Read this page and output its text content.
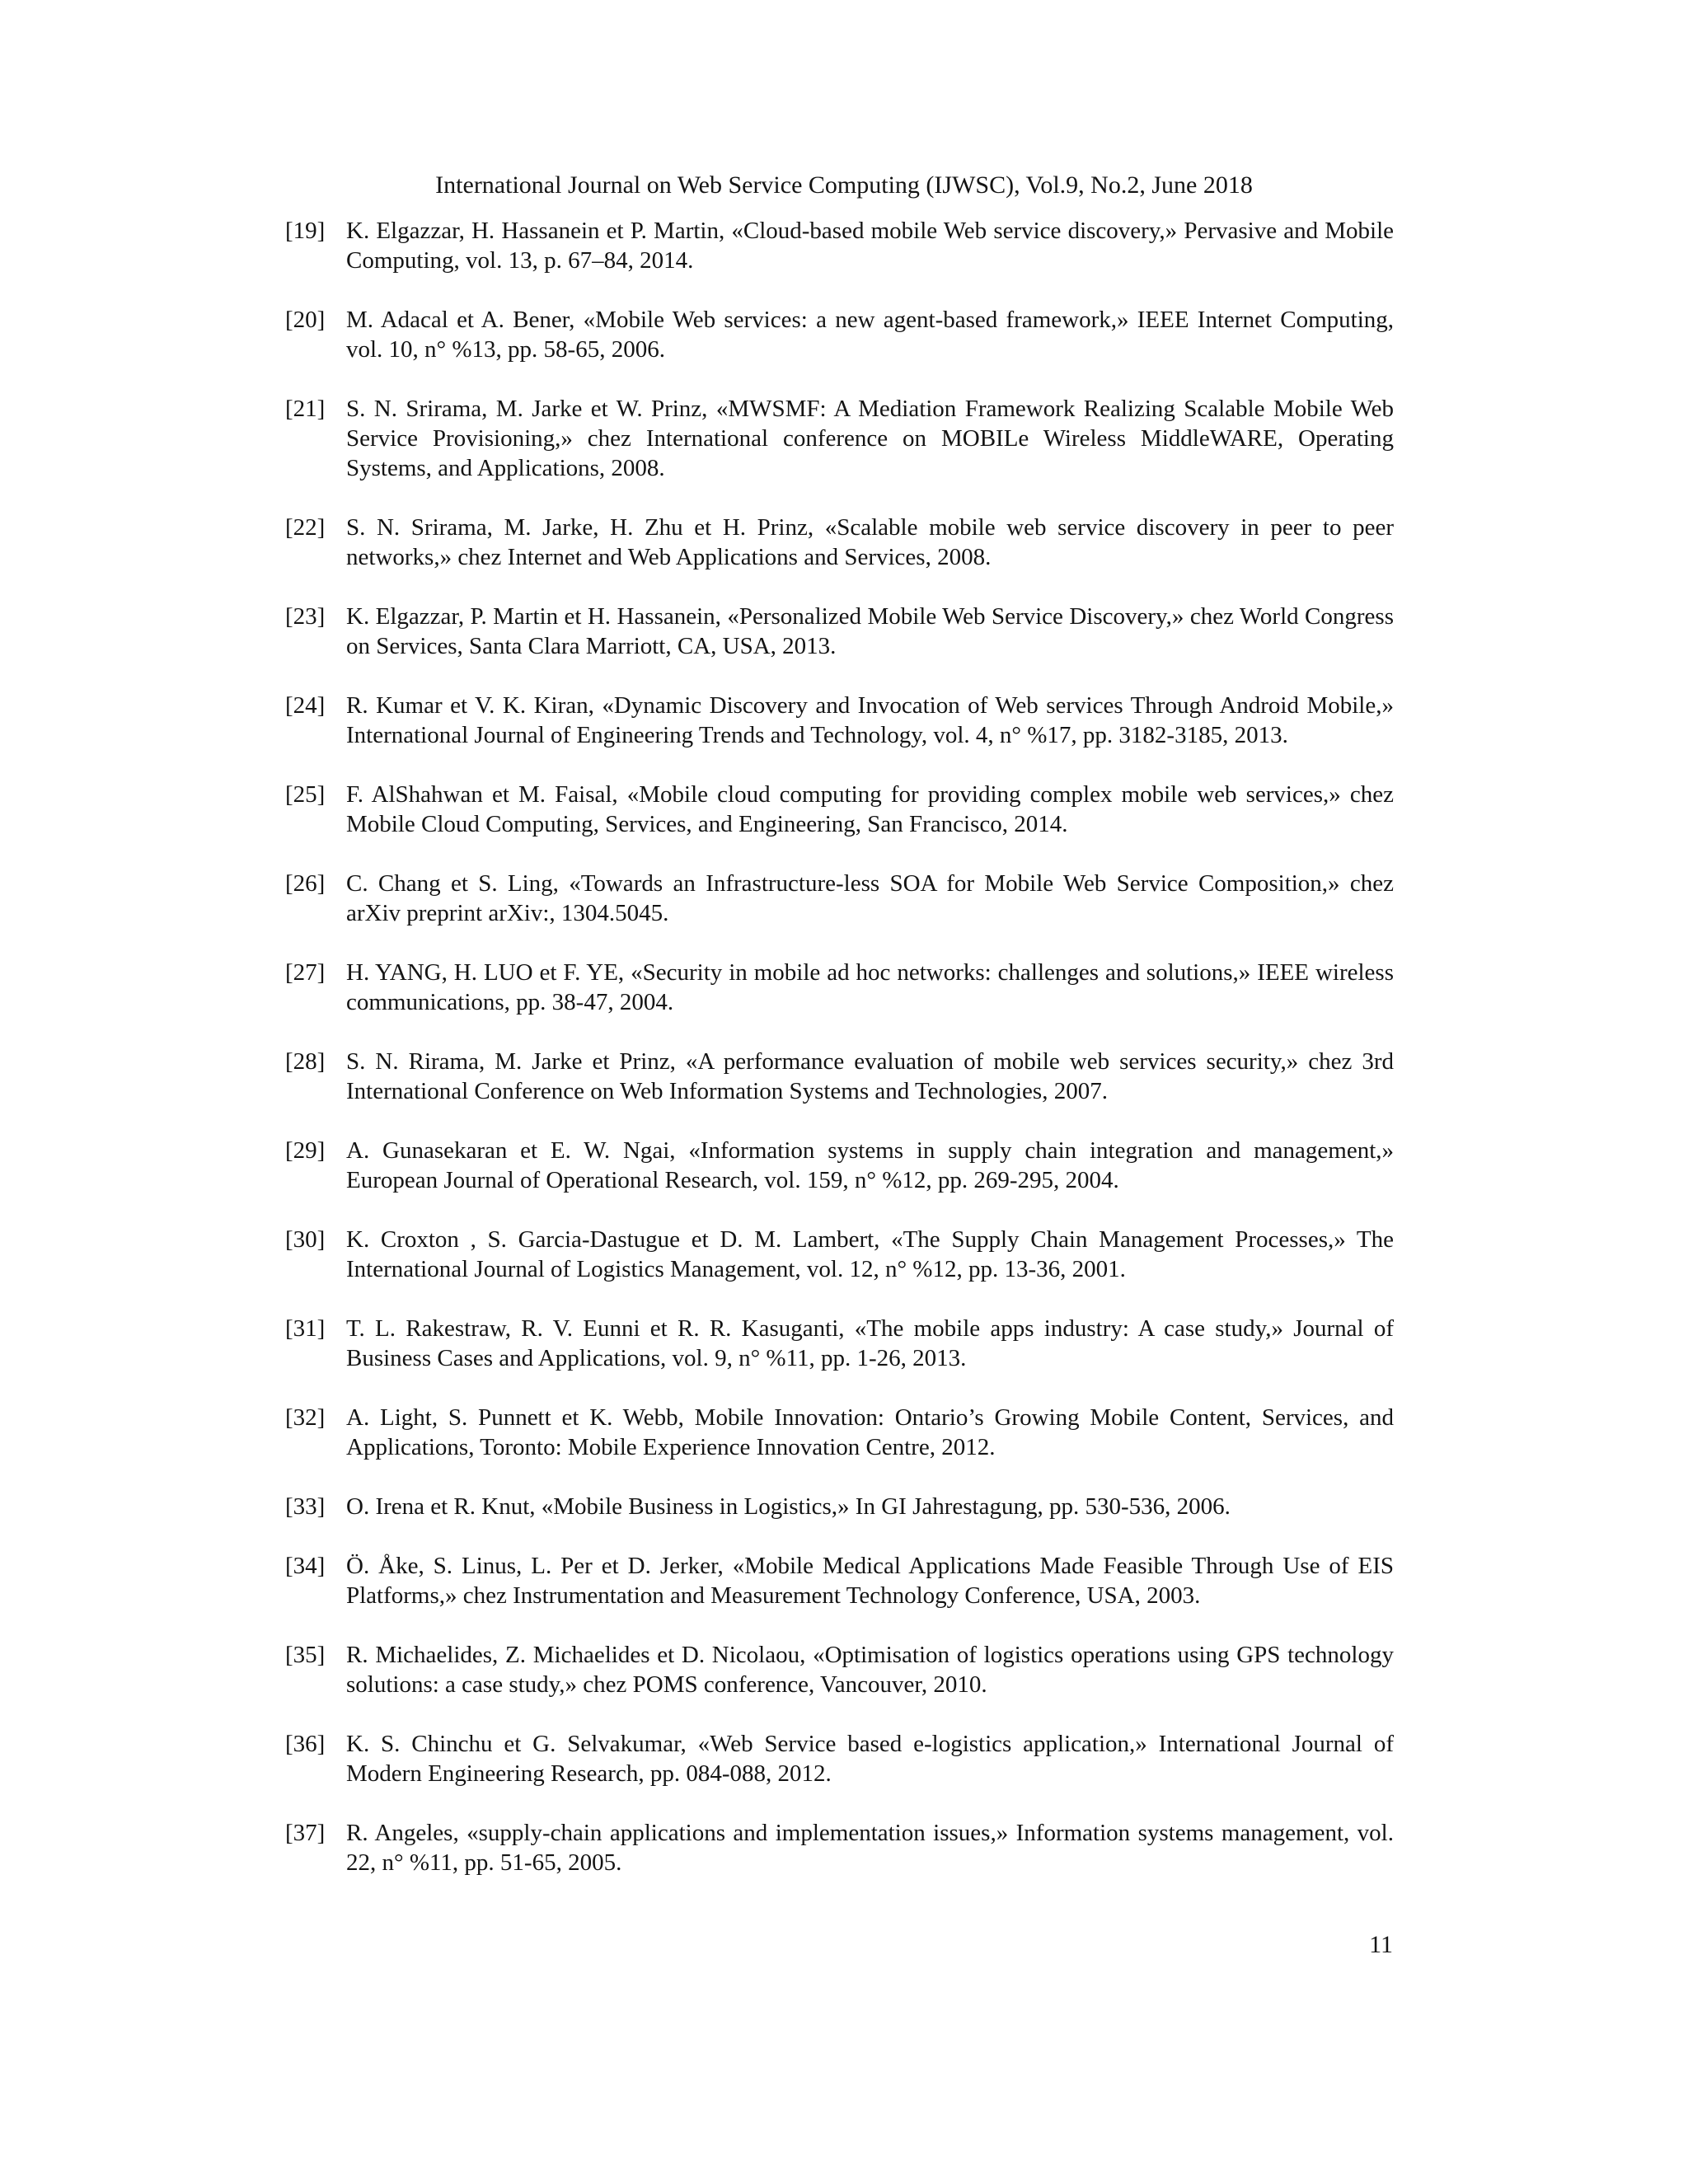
International Journal on Web Service Computing (IJWSC), Vol.9, No.2, June 2018
[19] K. Elgazzar, H. Hassanein et P. Martin, «Cloud-based mobile Web service discovery,» Pervasive and Mobile Computing, vol. 13, p. 67–84, 2014.
[20] M. Adacal et A. Bener, «Mobile Web services: a new agent-based framework,» IEEE Internet Computing, vol. 10, n° %13, pp. 58-65, 2006.
[21] S. N. Srirama, M. Jarke et W. Prinz, «MWSMF: A Mediation Framework Realizing Scalable Mobile Web Service Provisioning,» chez International conference on MOBILe Wireless MiddleWARE, Operating Systems, and Applications, 2008.
[22] S. N. Srirama, M. Jarke, H. Zhu et H. Prinz, «Scalable mobile web service discovery in peer to peer networks,» chez Internet and Web Applications and Services, 2008.
[23] K. Elgazzar, P. Martin et H. Hassanein, «Personalized Mobile Web Service Discovery,» chez World Congress on Services, Santa Clara Marriott, CA, USA, 2013.
[24] R. Kumar et V. K. Kiran, «Dynamic Discovery and Invocation of Web services Through Android Mobile,» International Journal of Engineering Trends and Technology, vol. 4, n° %17, pp. 3182-3185, 2013.
[25] F. AlShahwan et M. Faisal, «Mobile cloud computing for providing complex mobile web services,» chez Mobile Cloud Computing, Services, and Engineering, San Francisco, 2014.
[26] C. Chang et S. Ling, «Towards an Infrastructure-less SOA for Mobile Web Service Composition,» chez arXiv preprint arXiv:, 1304.5045.
[27] H. YANG, H. LUO et F. YE, «Security in mobile ad hoc networks: challenges and solutions,» IEEE wireless communications, pp. 38-47, 2004.
[28] S. N. Rirama, M. Jarke et Prinz, «A performance evaluation of mobile web services security,» chez 3rd International Conference on Web Information Systems and Technologies, 2007.
[29] A. Gunasekaran et E. W. Ngai, «Information systems in supply chain integration and management,» European Journal of Operational Research, vol. 159, n° %12, pp. 269-295, 2004.
[30] K. Croxton , S. Garcia-Dastugue et D. M. Lambert, «The Supply Chain Management Processes,» The International Journal of Logistics Management, vol. 12, n° %12, pp. 13-36, 2001.
[31] T. L. Rakestraw, R. V. Eunni et R. R. Kasuganti, «The mobile apps industry: A case study,» Journal of Business Cases and Applications, vol. 9, n° %11, pp. 1-26, 2013.
[32] A. Light, S. Punnett et K. Webb, Mobile Innovation: Ontario’s Growing Mobile Content, Services, and Applications, Toronto: Mobile Experience Innovation Centre, 2012.
[33] O. Irena et R. Knut, «Mobile Business in Logistics,» In GI Jahrestagung, pp. 530-536, 2006.
[34] Ö. Åke, S. Linus, L. Per et D. Jerker, «Mobile Medical Applications Made Feasible Through Use of EIS Platforms,» chez Instrumentation and Measurement Technology Conference, USA, 2003.
[35] R. Michaelides, Z. Michaelides et D. Nicolaou, «Optimisation of logistics operations using GPS technology solutions: a case study,» chez POMS conference, Vancouver, 2010.
[36] K. S. Chinchu et G. Selvakumar, «Web Service based e-logistics application,» International Journal of Modern Engineering Research, pp. 084-088, 2012.
[37] R. Angeles, «supply-chain applications and implementation issues,» Information systems management, vol. 22, n° %11, pp. 51-65, 2005.
11
